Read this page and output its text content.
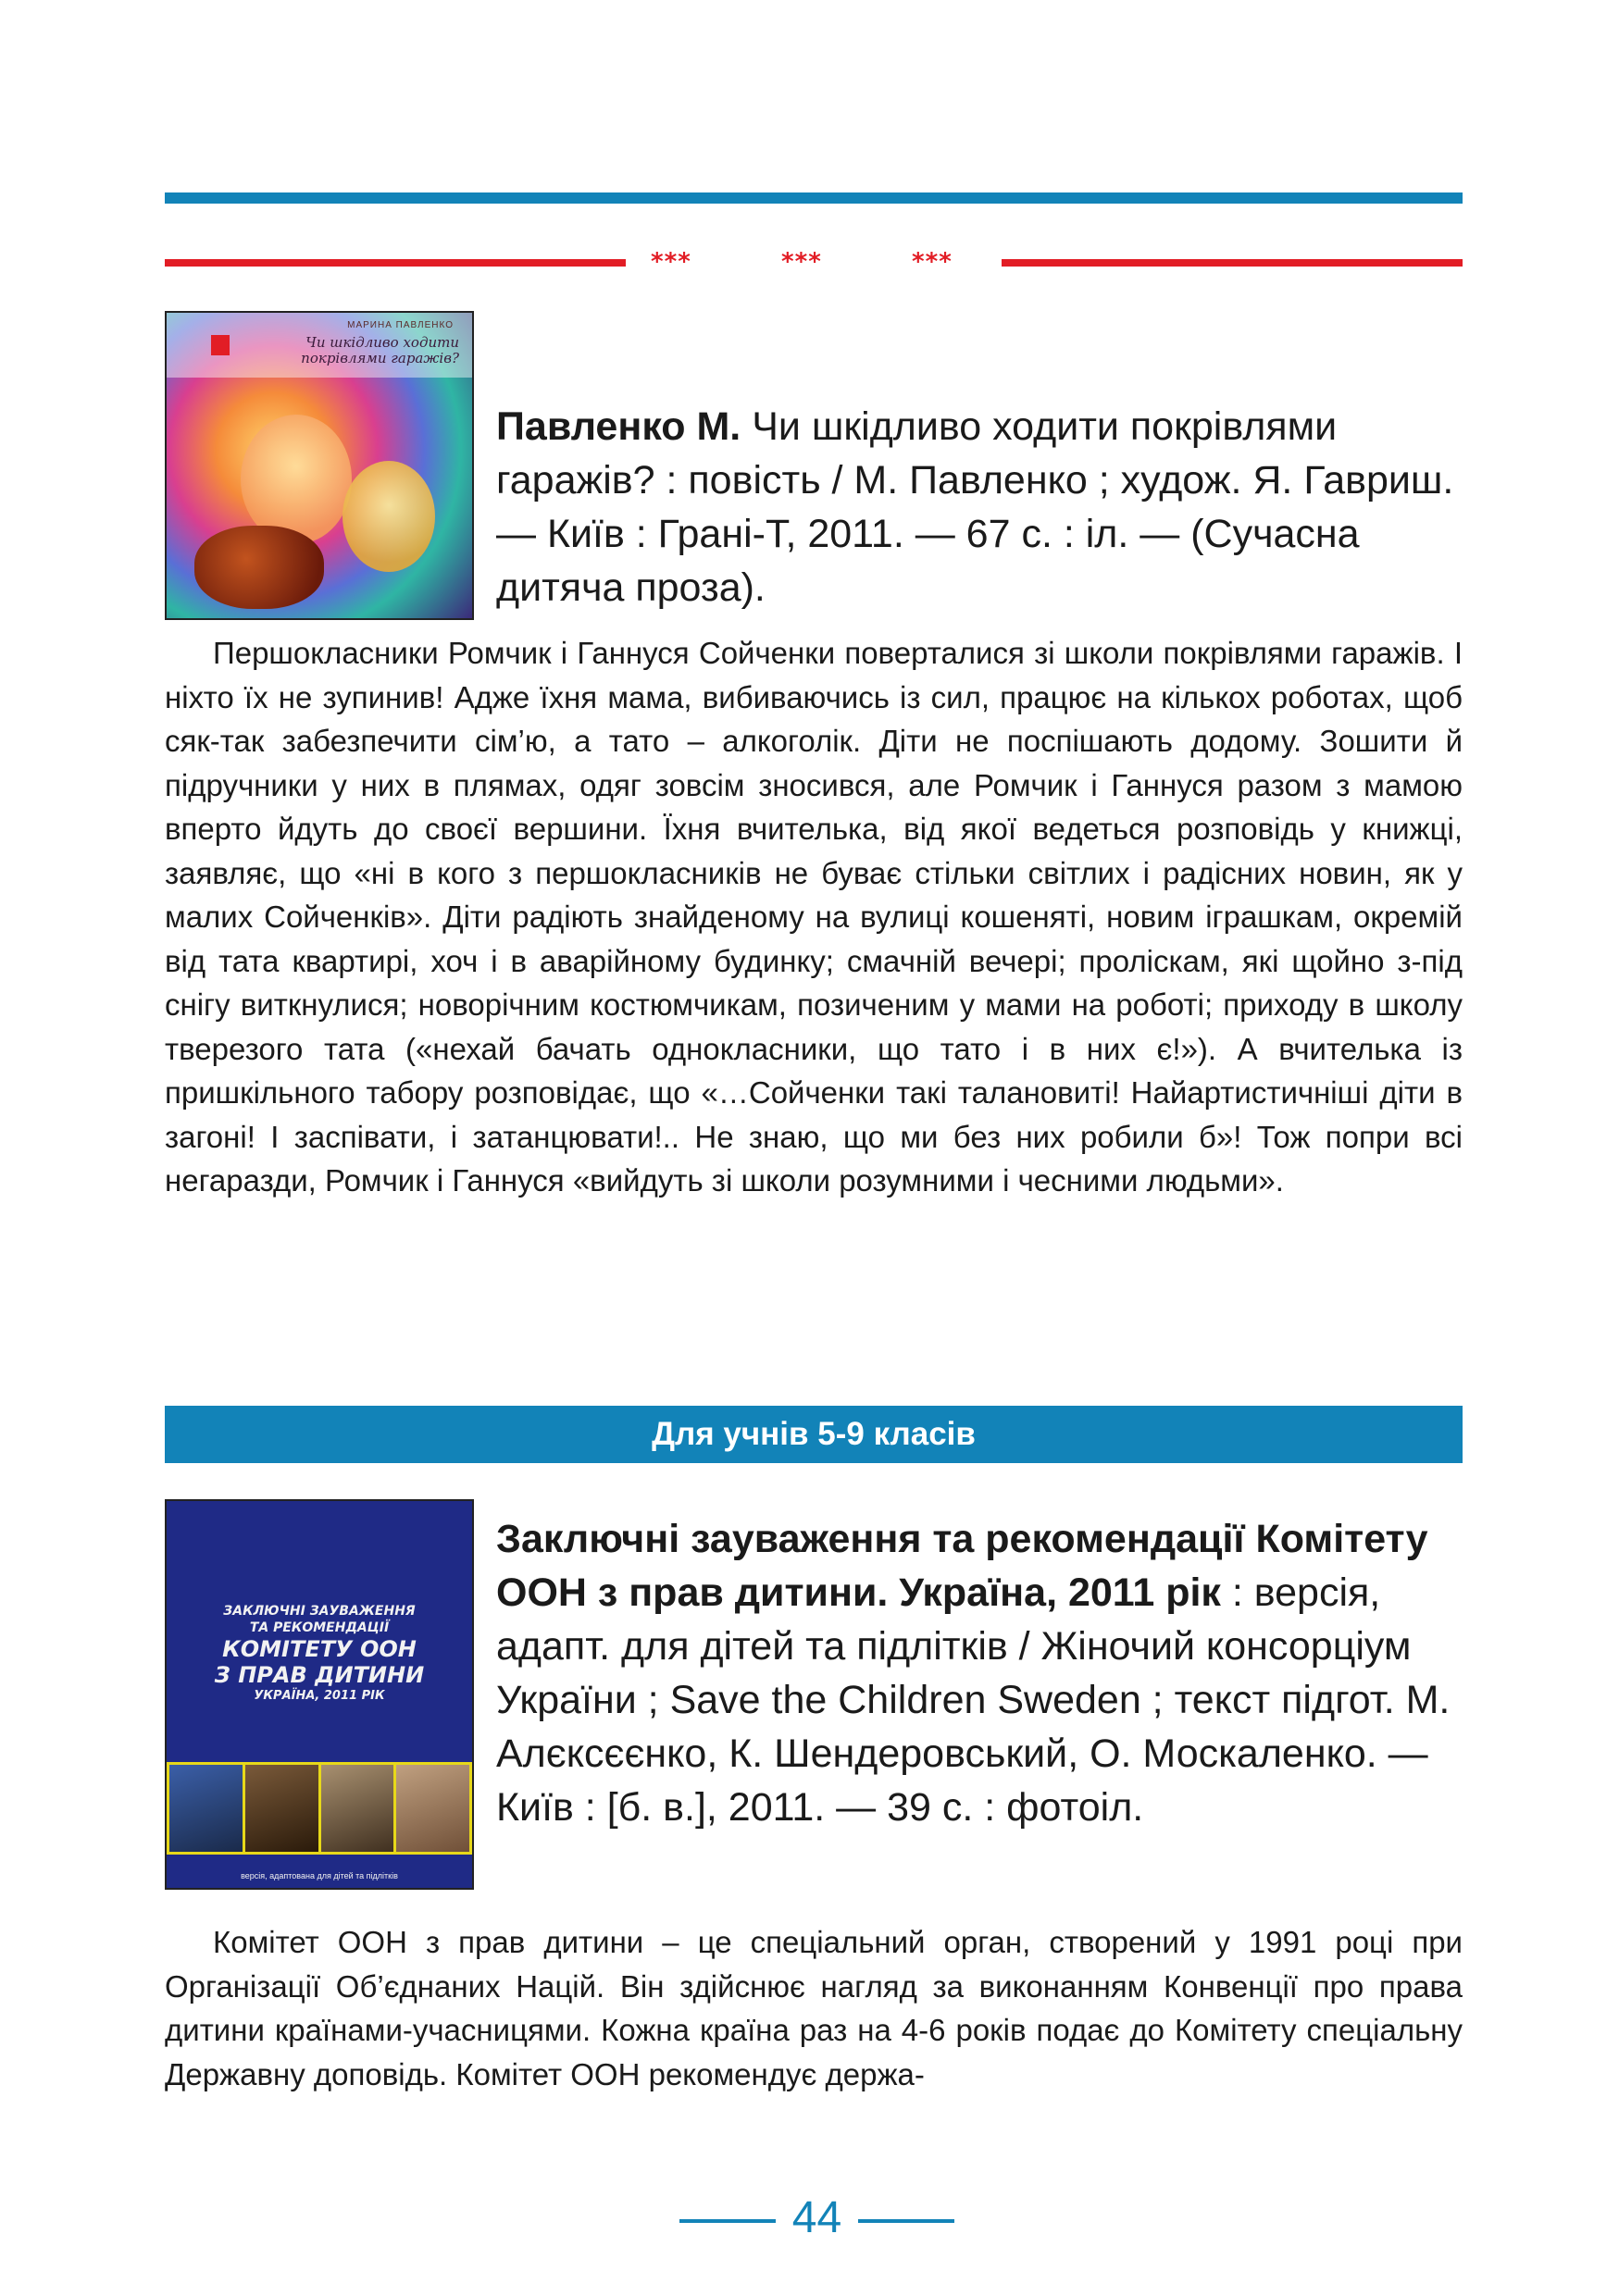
***	***	***
МАРИНА ПАВЛЕНКО
Чи шкідливо ходити покрівлями гаражів?
Павленко М. Чи шкідливо ходити покрівлями гаражів? : повість / М. Павленко ; худож. Я. Гавриш. — Київ : Грані-Т, 2011. — 67 с. : іл. — (Сучасна дитяча проза).

Першокласники Ромчик і Ганнуся Сойченки поверталися зі школи покрівлями гаражів. І ніхто їх не зупинив! Адже їхня мама, вибиваючись із сил, працює на кількох роботах, щоб сяк-так забезпечити сім’ю, а тато – алкоголік. Діти не поспішають додому. Зошити й підручники у них в плямах, одяг зовсім зносився, але Ромчик і Ганнуся разом з мамою вперто йдуть до своєї вершини. Їхня вчителька, від якої ведеться розповідь у книжці, заявляє, що «ні в кого з першокласників не буває стільки світлих і радісних новин, як у малих Сойченків». Діти радіють знайденому на вулиці кошеняті, новим іграшкам, окремій від тата квартирі, хоч і в аварійному будинку; смачній вечері; пролiскам, які щойно з-під снігу виткнулися; новорічним костюмчикам, позиченим у мами на роботі; приходу в школу тверезого тата («нехай бачать однокласники, що тато і в них є!»). А вчителька із пришкільного табору розповідає, що «…Сойченки такі талановиті! Найартистичніші діти в загоні! І заспівати, і затанцювати!.. Не знаю, що ми без них робили б»! Тож попри всі негаразди, Ромчик і Ганнуся «вийдуть зі школи розумними і чесними людьми».

Для учнів 5-9 класів
ЗАКЛЮЧНІ ЗАУВАЖЕННЯ
ТА РЕКОМЕНДАЦІЇ
КОМІТЕТУ ООН
З ПРАВ ДИТИНИ
УКРАЇНА, 2011 РІК
версія, адаптована для дітей та підлітків
Заключні зауваження та рекомендації Комітету ООН з прав дитини. Україна, 2011 рік : версія, адапт. для дітей та підлітків / Жіночий консорціум України ; Save the Children Sweden ; текст підгот. М. Алєксєєнко, К. Шендеровський, О. Москаленко. — Київ : [б. в.], 2011. — 39 с. : фотоіл.

Комітет ООН з прав дитини – це спеціальний орган, створений у 1991 році при Організації Об’єднаних Націй. Він здійснює нагляд за виконанням Конвенції про права дитини країнами-учасницями. Кожна країна раз на 4-6 років подає до Комітету спеціальну Державну доповідь. Комітет ООН рекомендує держа-

44
